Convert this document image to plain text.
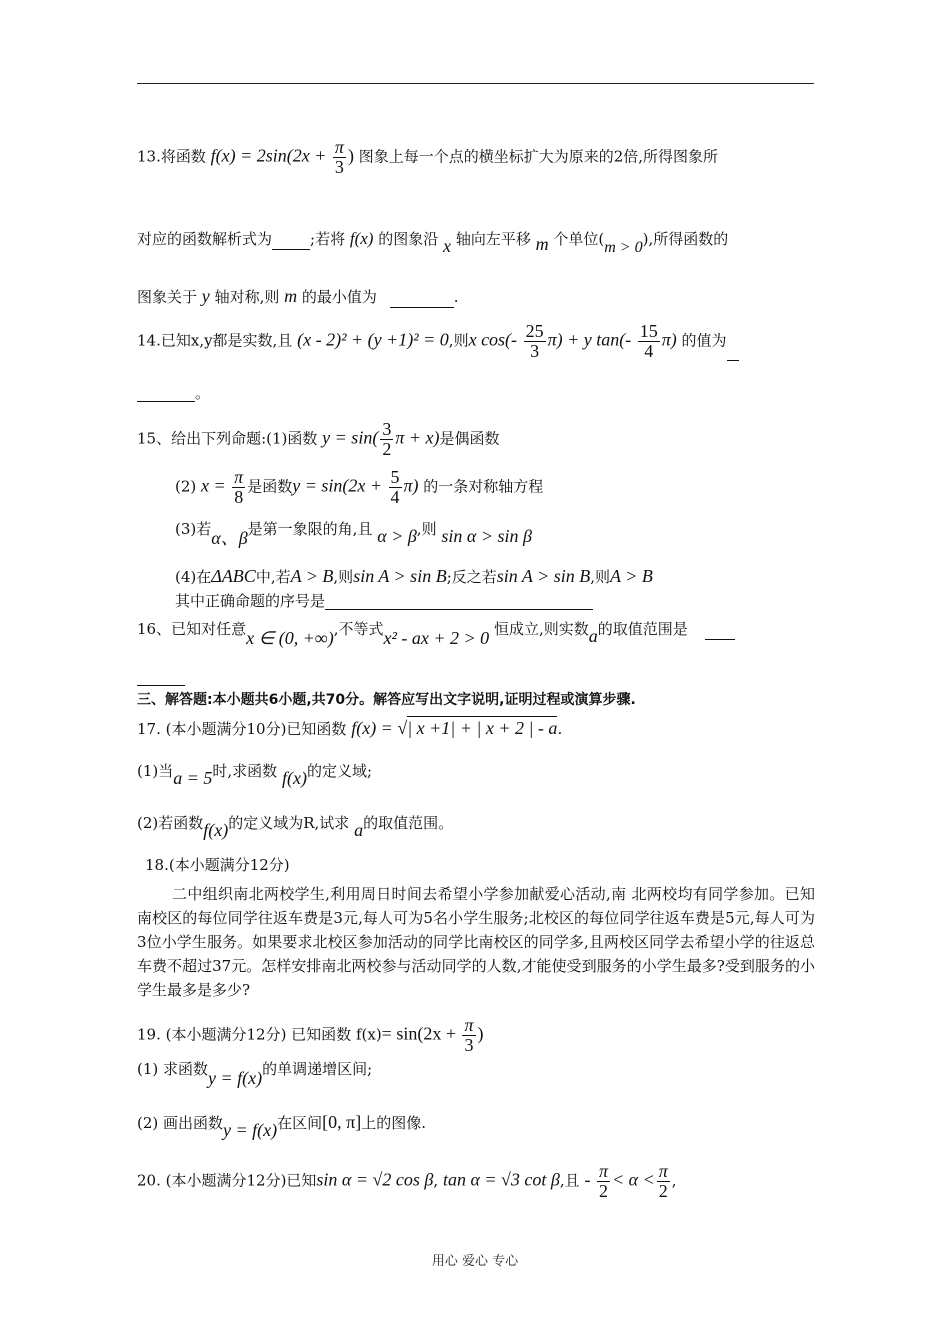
13.将函数 $f(x) = 2\sin(2x + \frac{\pi}{3}$ ) 图象上每一个点的横坐标扩大为原来的2倍,所得图象所
对应的函数解析式为	;若将 f(x) 的图象沿 x 轴向左平移 m 个单位(m > 0),所得函数的
图象关于 y 轴对称,则 m 的最小值为	.
14.已知x,y都是实数,且 (x - 2)² + (y +1)² = 0,则x $\cos(- \frac{25}{3} \pi) + y$ $\tan(- \frac{15}{4} \pi)$ 的值为
。
15、给出下列命题:(1)函数 $y = \sin( \frac{3}{2}$ π + x)是偶函数
(2) $x = \frac{\pi}{8}$ 是函数$y = \sin(2x + \frac{5}{4} \pi)$ 的一条对称轴方程
(3)若α、β是第一象限的角,且 α > β,则 sin α > sin β
(4)在ΔABC中,若A > B,则sin A > sin B;反之若sin A > sin B,则A > B
其中正确命题的序号是
16、已知对任意x ∈ (0, +∞),不等式x² - ax + 2 > 0 恒成立,则实数a的取值范围是
三、解答题:本小题共6小题,共70分。解答应写出文字说明,证明过程或演算步骤.
17. (本小题满分10分)已知函数 f(x) = √| x +1| + | x + 2 | - a.
(1)当a = 5时,求函数 f(x)的定义域;
(2)若函数f(x)的定义域为R,试求 a的取值范围。
18.(本小题满分12分)
二中组织南北两校学生,利用周日时间去希望小学参加献爱心活动,南 北两校均有同学参加。已知南校区的每位同学往返车费是3元,每人可为5名小学生服务;北校区的每位同学往返车费是5元,每人可为3位小学生服务。如果要求北校区参加活动的同学比南校区的同学多,且两校区同学去希望小学的往返总车费不超过37元。怎样安排南北两校参与活动同学的人数,才能使受到服务的小学生最多?受到服务的小学生最多是多少?
19. (本小题满分12分) 已知函数 $f(x)= \sin(2x + \frac{\pi}{3}$ )
(1) 求函数y = f(x)的单调递增区间;
(2) 画出函数y = f(x)在区间[0, π]上的图像.
20. (本小题满分12分)已知sin α = √2 cos β, tan α = √3 cot β,且 - $\frac{\pi}{2} < \alpha < \frac{\pi}{2}$ ,
用心 爱心 专心
